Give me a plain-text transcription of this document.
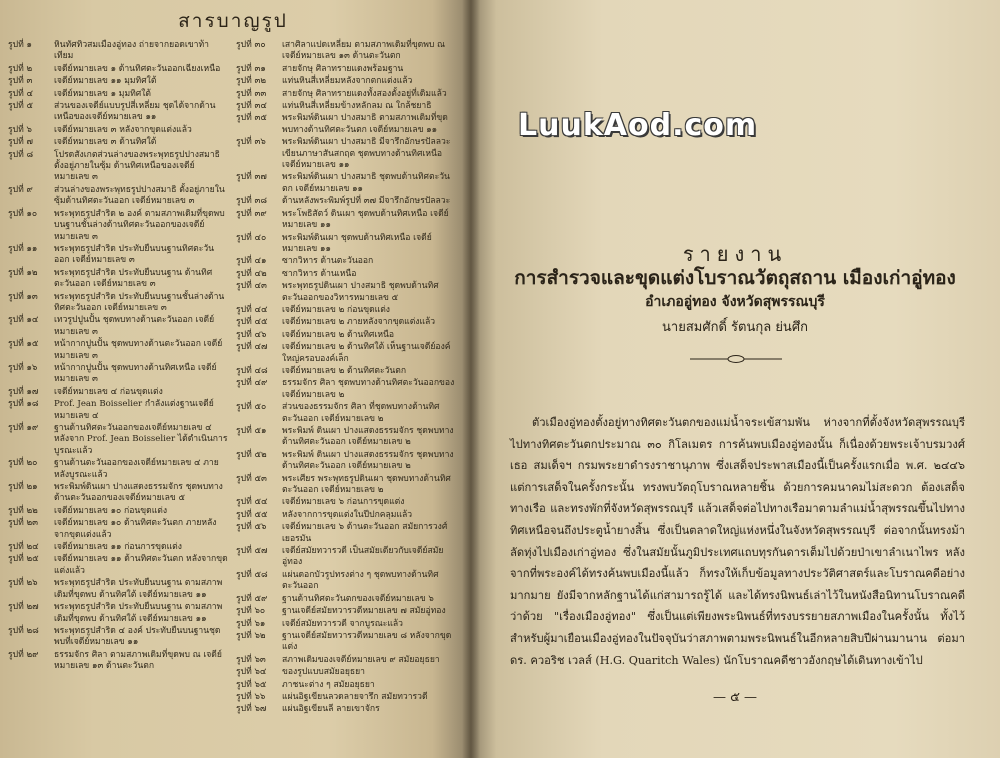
สารบาญรูป
รูปที่ ๑	หินทัศทิวสมเมืองอู่ทอง ถ่ายจากยอดเขาท้าเทียม
รูปที่ ๒	เจดีย์หมายเลข ๑ ด้านทิศตะวันออกเฉียงเหนือ
รูปที่ ๓	เจดีย์หมายเลข ๑๑ มุมทิศใต้
รูปที่ ๔	เจดีย์หมายเลข ๑ มุมทิศใต้
รูปที่ ๕	ส่วนของเจดีย์แบบรูปสี่เหลี่ยม ชุดได้จากด้านเหนือของเจดีย์หมายเลข ๑๑
รูปที่ ๖	เจดีย์หมายเลข ๓ หลังจากขุดแต่งแล้ว
รูปที่ ๗	เจดีย์หมายเลข ๓ ด้านทิศใต้
รูปที่ ๘	โปรดสังเกตส่วนล่างของพระพุทธรูปปางสมาธิ ตั้งอยู่ภายในซุ้ม ด้านทิศเหนือของเจดีย์หมายเลข ๓
รูปที่ ๙	ส่วนล่างของพระพุทธรูปปางสมาธิ ตั้งอยู่ภายในซุ้มด้านทิศตะวันออก เจดีย์หมายเลข ๓
รูปที่ ๑๐	พระพุทธรูปสำริด ๒ องค์ ตามสภาพเดิมที่ขุดพบ บนฐานชั้นล่างด้านทิศตะวันออกของเจดีย์หมายเลข ๓
รูปที่ ๑๑	พระพุทธรูปสำริด ประทับยืนบนฐานทิศตะวันออก เจดีย์หมายเลข ๓
รูปที่ ๑๒	พระพุทธรูปสำริด ประทับยืนบนฐาน ด้านทิศตะวันออก เจดีย์หมายเลข ๓
รูปที่ ๑๓	พระพุทธรูปสำริด ประทับยืนบนฐานชั้นล่างด้านทิศตะวันออก เจดีย์หมายเลข ๓
รูปที่ ๑๔	เทวรูปปูนปั้น ชุดพบทางด้านตะวันออก เจดีย์หมายเลข ๓
รูปที่ ๑๕	หน้ากากปูนปั้น ชุดพบทางด้านตะวันออก เจดีย์หมายเลข ๓
รูปที่ ๑๖	หน้ากากปูนปั้น ชุดพบทางด้านทิศเหนือ เจดีย์หมายเลข ๓
รูปที่ ๑๗	เจดีย์หมายเลข ๔ ก่อนขุดแต่ง
รูปที่ ๑๘	Prof. Jean Boisselier กำลังแต่งฐานเจดีย์หมายเลข ๔
รูปที่ ๑๙	ฐานด้านทิศตะวันออกของเจดีย์หมายเลข ๔ หลังจาก Prof. Jean Boisselier ได้ดำเนินการบูรณะแล้ว
รูปที่ ๒๐	ฐานด้านตะวันออกของเจดีย์หมายเลข ๔ ภายหลังบูรณะแล้ว
รูปที่ ๒๑	พระพิมพ์ดินเผา ปางแสดงธรรมจักร ชุดพบทางด้านตะวันออกของเจดีย์หมายเลข ๕
รูปที่ ๒๒	เจดีย์หมายเลข ๑๐ ก่อนขุดแต่ง
รูปที่ ๒๓	เจดีย์หมายเลข ๑๐ ด้านทิศตะวันตก ภายหลังจากขุดแต่งแล้ว
รูปที่ ๒๔	เจดีย์หมายเลข ๑๑ ก่อนการขุดแต่ง
รูปที่ ๒๕	เจดีย์หมายเลข ๑๑ ด้านทิศตะวันตก หลังจากขุดแต่งแล้ว
รูปที่ ๒๖	พระพุทธรูปสำริด ประทับยืนบนฐาน ตามสภาพเดิมที่ขุดพบ ด้านทิศใต้ เจดีย์หมายเลข ๑๑
รูปที่ ๒๗	พระพุทธรูปสำริด ประทับยืนบนฐาน ตามสภาพเดิมที่ขุดพบ ด้านทิศใต้ เจดีย์หมายเลข ๑๑
รูปที่ ๒๘	พระพุทธรูปสำริด ๔ องค์ ประทับยืนบนฐานชุดพบที่เจดีย์หมายเลข ๑๑
รูปที่ ๒๙	ธรรมจักร ศิลา ตามสภาพเดิมที่ขุดพบ ณ เจดีย์หมายเลข ๑๓ ด้านตะวันตก
รูปที่ ๓๐	เสาศิลาแปดเหลี่ยม ตามสภาพเดิมที่ขุดพบ ณ เจดีย์หมายเลข ๑๓ ด้านตะวันตก
รูปที่ ๓๑	สายจักษุ ศิลาทรายแดงพร้อมฐาน
รูปที่ ๓๒	แท่นหินสี่เหลี่ยมหลังจากตกแต่งแล้ว
รูปที่ ๓๓	สายจักษุ ศิลาทรายแดงทั้งสองตั้งอยู่ที่เดิมแล้ว
รูปที่ ๓๔	แท่นหินสี่เหลี่ยมข้างหลักลม ณ ใกล้ชยาธิ
รูปที่ ๓๕	พระพิมพ์ดินเผา ปางสมาธิ ตามสภาพเดิมที่ขุดพบทางด้านทิศตะวันตก เจดีย์หมายเลข ๑๑
รูปที่ ๓๖	พระพิมพ์ดินเผา ปางสมาธิ มีจารึกอักษรปัลลวะเขียนภาษาสันสกฤต ชุดพบทางด้านทิศเหนือ เจดีย์หมายเลข ๑๑
รูปที่ ๓๗	พระพิมพ์ดินเผา ปางสมาธิ ชุดพบด้านทิศตะวันตก เจดีย์หมายเลข ๑๑
รูปที่ ๓๘	ด้านหลังพระพิมพ์รูปที่ ๓๗ มีจารึกอักษรปัลลวะ
รูปที่ ๓๙	พระโพธิสัตว์ ดินเผา ชุดพบด้านทิศเหนือ เจดีย์หมายเลข ๑๑
รูปที่ ๔๐	พระพิมพ์ดินเผา ชุดพบด้านทิศเหนือ เจดีย์หมายเลข ๑๑
รูปที่ ๔๑	ซากวิหาร ด้านตะวันออก
รูปที่ ๔๒	ซากวิหาร ด้านเหนือ
รูปที่ ๔๓	พระพุทธรูปดินเผา ปางสมาธิ ชุดพบด้านทิศตะวันออกของวิหารหมายเลข ๕
รูปที่ ๔๔	เจดีย์หมายเลข ๒ ก่อนขุดแต่ง
รูปที่ ๔๕	เจดีย์หมายเลข ๒ ภายหลังจากขุดแต่งแล้ว
รูปที่ ๔๖	เจดีย์หมายเลข ๒ ด้านทิศเหนือ
รูปที่ ๔๗	เจดีย์หมายเลข ๒ ด้านทิศใต้ เห็นฐานเจดีย์องค์ใหญ่ครอบองค์เล็ก
รูปที่ ๔๘	เจดีย์หมายเลข ๒ ด้านทิศตะวันตก
รูปที่ ๔๙	ธรรมจักร ศิลา ชุดพบทางด้านทิศตะวันออกของเจดีย์หมายเลข ๒
รูปที่ ๕๐	ส่วนของธรรมจักร ศิลา ที่ชุดพบทางด้านทิศตะวันออก เจดีย์หมายเลข ๒
รูปที่ ๕๑	พระพิมพ์ ดินเผา ปางแสดงธรรมจักร ชุดพบทางด้านทิศตะวันออก เจดีย์หมายเลข ๒
รูปที่ ๕๒	พระพิมพ์ ดินเผา ปางแสดงธรรมจักร ชุดพบทางด้านทิศตะวันออก เจดีย์หมายเลข ๒
รูปที่ ๕๓	พระเศียร พระพุทธรูปดินเผา ชุดพบทางด้านทิศตะวันออก เจดีย์หมายเลข ๒
รูปที่ ๕๔	เจดีย์หมายเลข ๖ ก่อนการขุดแต่ง
รูปที่ ๕๕	หลังจากการขุดแต่งในปีปกคลุมแล้ว
รูปที่ ๕๖	เจดีย์หมายเลข ๖ ด้านตะวันออก สมัยการวงศ์เยอรมัน
รูปที่ ๕๗	เจดีย์สมัยทวารวดี เป็นสมัยเดียวกับเจดีย์สมัยอู่ทอง
รูปที่ ๕๘	แผ่นดอกบัวรูปทรงต่าง ๆ ชุดพบทางด้านทิศตะวันออก
รูปที่ ๕๙	ฐานด้านทิศตะวันตกของเจดีย์หมายเลข ๖
รูปที่ ๖๐	ฐานเจดีย์สมัยทวารวดีหมายเลข ๗ สมัยอู่ทอง
รูปที่ ๖๑	เจดีย์สมัยทวารวดี จากบูรณะแล้ว
รูปที่ ๖๒	ฐานเจดีย์สมัยทวารวดีหมายเลข ๘ หลังจากขุดแต่ง
รูปที่ ๖๓	สภาพเดิมของเจดีย์หมายเลข ๙ สมัยอยุธยา
รูปที่ ๖๔	ของรูปแบบสมัยอยุธยา
รูปที่ ๖๕	ภาชนะต่าง ๆ สมัยอยุธยา
รูปที่ ๖๖	แผ่นอิฐเขียนลวดลายจารึก สมัยทวารวดี
รูปที่ ๖๗	แผ่นอิฐเขียนลี ลายเขาจักร
LuukAod.com
รายงาน
การสำรวจและขุดแต่งโบราณวัตถุสถาน เมืองเก่าอู่ทอง
อำเภออู่ทอง จังหวัดสุพรรณบุรี
นายสมศักดิ์ รัตนกุล ย่นศึก

ตัวเมืองอู่ทองตั้งอยู่ทางทิศตะวันตกของแม่น้ำจระเข้สามพัน ห่างจากที่ตั้งจังหวัดสุพรรณบุรีไปทางทิศตะวันตกประมาณ ๓๐ กิโลเมตร การค้นพบเมืองอู่ทองนั้น ก็เนื่องด้วยพระเจ้าบรมวงศ์เธอ สมเด็จฯ กรมพระยาดำรงราชานุภาพ ซึ่งเสด็จประพาสเมืองนี้เป็นครั้งแรกเมื่อ พ.ศ. ๒๔๔๖ แต่การเสด็จในครั้งกระนั้น ทรงพบวัตถุโบราณหลายชิ้น ด้วยการคมนาคมไม่สะดวก ต้องเสด็จทางเรือ และทรงพักที่จังหวัดสุพรรณบุรี แล้วเสด็จต่อไปทางเรือมาตามลำแม่น้ำสุพรรณขึ้นไปทางทิศเหนือจนถึงประตูน้ำยางสิ้น ซึ่งเป็นตลาดใหญ่แห่งหนึ่งในจังหวัดสุพรรณบุรี ต่อจากนั้นทรงม้าลัดทุ่งไปเมืองเก่าอู่ทอง ซึ่งในสมัยนั้นภูมิประเทศแถบทุรกันดารเต็มไปด้วยป่าเขาลำเนาไพร หลังจากที่พระองค์ได้ทรงค้นพบเมืองนี้แล้ว ก็ทรงให้เก็บข้อมูลทางประวัติศาสตร์และโบราณคดีอย่างมากมาย ยังมีจากหลักฐานได้แก่สามารถรู้ได้ และได้ทรงนิพนธ์เล่าไว้ในหนังสือนิทานโบราณคดี ว่าด้วย "เรื่องเมืองอู่ทอง" ซึ่งเป็นแต่เพียงพระนิพนธ์ที่ทรงบรรยายสภาพเมืองในครั้งนั้น ทั้งไว้สำหรับผู้มาเยือนเมืองอู่ทองในปัจจุบันว่าสภาพตามพระนิพนธ์ในอีกหลายสิบปีผ่านมานาน ต่อมา ดร. ควอริช เวลส์ (H.G. Quaritch Wales) นักโบราณคดีชาวอังกฤษได้เดินทางเข้าไป

— ๕ —
